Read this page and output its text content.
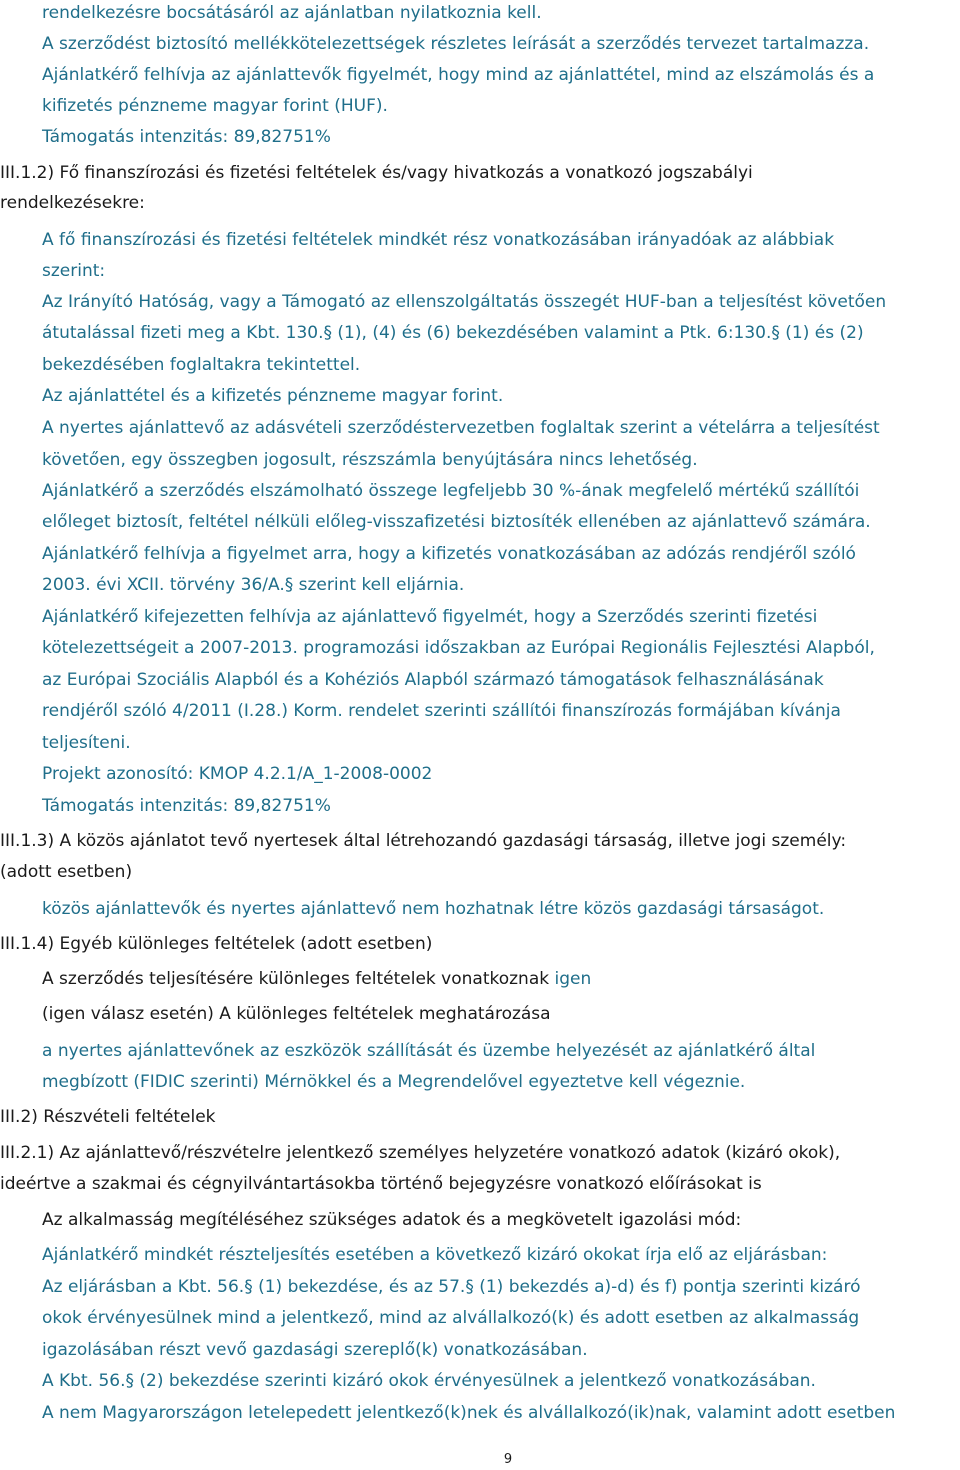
rendelkezésre bocsátásáról az ajánlatban nyilatkoznia kell.
A szerződést biztosító mellékkötelezettségek részletes leírását a szerződés tervezet tartalmazza.
Ajánlatkérő felhívja az ajánlattevők figyelmét, hogy mind az ajánlattétel, mind az elszámolás és a
kifizetés pénzneme magyar forint (HUF).
Támogatás intenzitás: 89,82751%
III.1.2) Fő finanszírozási és fizetési feltételek és/vagy hivatkozás a vonatkozó jogszabályi
rendelkezésekre:
A fő finanszírozási és fizetési feltételek mindkét rész vonatkozásában irányadóak az alábbiak
szerint:
Az Irányító Hatóság, vagy a Támogató az ellenszolgáltatás összegét HUF-ban a teljesítést követően
átutalással fizeti meg a Kbt. 130.§ (1), (4) és (6) bekezdésében valamint a Ptk. 6:130.§ (1) és (2)
bekezdésében foglaltakra tekintettel.
Az ajánlattétel és a kifizetés pénzneme magyar forint.
A nyertes ajánlattevő az adásvételi szerződéstervezetben foglaltak szerint a vételárra a teljesítést
követően, egy összegben jogosult, részszámla benyújtására nincs lehetőség.
Ajánlatkérő a szerződés elszámolható összege legfeljebb 30 %-ának megfelelő mértékű szállítói
előleget biztosít, feltétel nélküli előleg-visszafizetési biztosíték ellenében az ajánlattevő számára.
Ajánlatkérő felhívja a figyelmet arra, hogy a kifizetés vonatkozásában az adózás rendjéről szóló
2003. évi XCII. törvény 36/A.§ szerint kell eljárnia.
Ajánlatkérő kifejezetten felhívja az ajánlattevő figyelmét, hogy a Szerződés szerinti fizetési
kötelezettségeit a 2007-2013. programozási időszakban az Európai Regionális Fejlesztési Alapból,
az Európai Szociális Alapból és a Kohéziós Alapból származó támogatások felhasználásának
rendjéről szóló 4/2011 (I.28.) Korm. rendelet szerinti szállítói finanszírozás formájában kívánja
teljesíteni.
Projekt azonosító: KMOP 4.2.1/A_1-2008-0002
Támogatás intenzitás: 89,82751%
III.1.3) A közös ajánlatot tevő nyertesek által létrehozandó gazdasági társaság, illetve jogi személy:
(adott esetben)
közös ajánlattevők és nyertes ajánlattevő nem hozhatnak létre közös gazdasági társaságot.
III.1.4) Egyéb különleges feltételek (adott esetben)
A szerződés teljesítésére különleges feltételek vonatkoznak igen
(igen válasz esetén) A különleges feltételek meghatározása
a nyertes ajánlattevőnek az eszközök szállítását és üzembe helyezését az ajánlatkérő által
megbízott (FIDIC szerinti) Mérnökkel és a Megrendelővel egyeztetve kell végeznie.
III.2) Részvételi feltételek
III.2.1) Az ajánlattevő/részvételre jelentkező személyes helyzetére vonatkozó adatok (kizáró okok),
ideértve a szakmai és cégnyilvántartásokba történő bejegyzésre vonatkozó előírásokat is
Az alkalmasság megítéléséhez szükséges adatok és a megkövetelt igazolási mód:
Ajánlatkérő mindkét részteljesítés esetében a következő kizáró okokat írja elő az eljárásban:
Az eljárásban a Kbt. 56.§ (1) bekezdése, és az 57.§ (1) bekezdés a)-d) és f) pontja szerinti kizáró
okok érvényesülnek mind a jelentkező, mind az alvállalkozó(k) és adott esetben az alkalmasság
igazolásában részt vevő gazdasági szereplő(k) vonatkozásában.
A Kbt. 56.§ (2) bekezdése szerinti kizáró okok érvényesülnek a jelentkező vonatkozásában.
A nem Magyarországon letelepedett jelentkező(k)nek és alvállalkozó(ik)nak, valamint adott esetben
9
